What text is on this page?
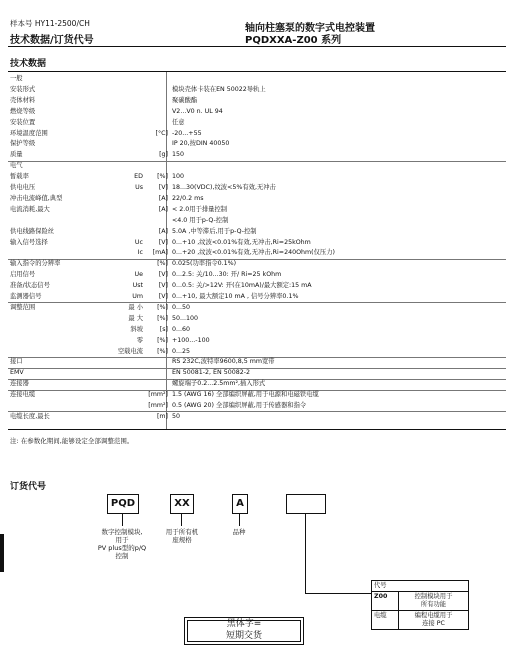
样本号 HY11-2500/CH
技术数据/订货代号
轴向柱塞泵的数字式电控装置
PQDXXA-Z00 系列
技术数据
一般
安装形式	模块壳体卡装在EN 50022导轨上
壳体材料	聚碳酸酯
燃烧等级	V2...V0 n. UL 94
安装位置	任意
环境温度范围	[°C] -20...+55
保护等级	IP 20,按DIN 40050
质量	[g] 150
电气
暂载率	ED	[%] 100
供电电压	Us	[V] 18...30(VDC),纹波<5%有效,无冲击
冲击电流峰值,典型	[A] 22/0.2 ms
电流消耗,最大	[A] < 2.0用于排量控制
<4.0 用于p-Q-控制
供电线路保险丝	[A] 5.0A ,中等滞后,用于p-Q-控制
输入信号选择	Uc	[V] 0...+10 ,纹波<0.01%有效,无冲击,Ri=25kOhm
Ic	[mA] 0...+20 ,纹波<0.01%有效,无冲击,Ri=240Ohm(仅压力)
输入指令的分辨率	[%] 0.025(功率指令0.1%)
启用信号	Ue	[V] 0...2.5: 关/10...30: 开/ Ri=25 kOhm
准备/状态信号	Ust	[V] 0...0.5: 关/>12V: 开(在10mA)/最大额定:15 mA
监测器信号	Um	[V] 0...+10, 最大额定10 mA , 信号分辨率0.1%
调整范围	最 小	[%] 0...50
最 大	[%] 50...100
斜坡	[s] 0...60
零	[%] +100...-100
空载电流	[%] 0...25
接口	RS 232C,波特率9600,8,5 mm宽带
EMV	EN 50081-2, EN 50082-2
连接器	螺旋端子0.2...2.5mm²,插入形式
连接电缆	[mm²] 1.5 (AWG 16) 全部编织屏蔽,用于电源和电磁铁电缆
[mm²] 0.5 (AWG 20) 全部编织屏蔽,用于传感器和指令
电缆长度,最长	[m] 50
注: 在参数化期间,能够设定全部调整范围。
订货代号
PQD	XX	A
数字控制模块,
用于
PV plus型的p/Q
控制
用于所有机
座规格
品种
代号	
Z00	控制模块用于
所有功能
电缆	编程电缆用于
连接 PC
黑体字=
短期交货
